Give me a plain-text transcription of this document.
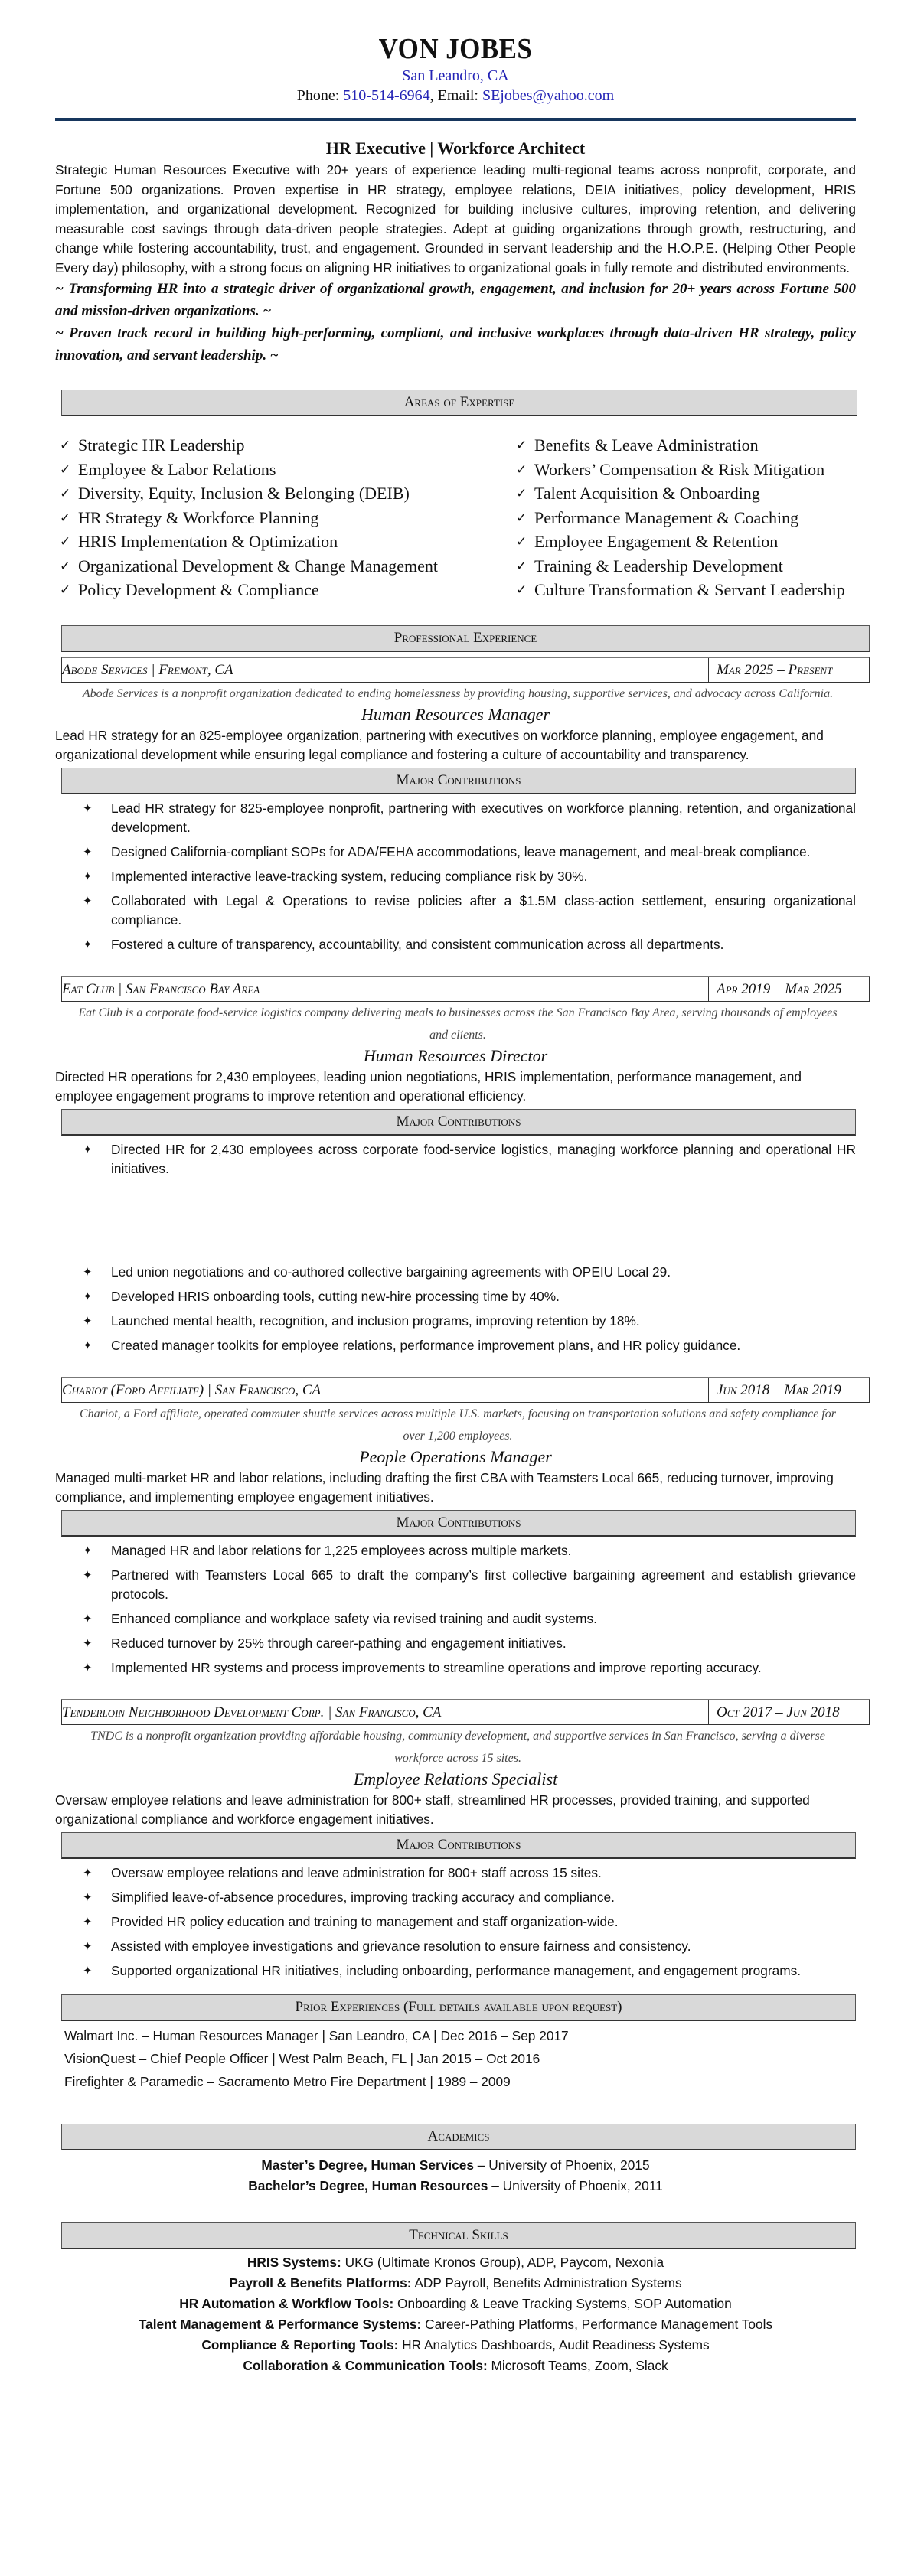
VON JOBES
San Leandro, CA
Phone: 510-514-6964, Email: SEjobes@yahoo.com
HR Executive | Workforce Architect
Strategic Human Resources Executive with 20+ years of experience leading multi-regional teams across nonprofit, corporate, and Fortune 500 organizations. Proven expertise in HR strategy, employee relations, DEIA initiatives, policy development, HRIS implementation, and organizational development. Recognized for building inclusive cultures, improving retention, and delivering measurable cost savings through data-driven people strategies. Adept at guiding organizations through growth, restructuring, and change while fostering accountability, trust, and engagement. Grounded in servant leadership and the H.O.P.E. (Helping Other People Every day) philosophy, with a strong focus on aligning HR initiatives to organizational goals in fully remote and distributed environments.
~ Transforming HR into a strategic driver of organizational growth, engagement, and inclusion for 20+ years across Fortune 500 and mission-driven organizations. ~
~ Proven track record in building high-performing, compliant, and inclusive workplaces through data-driven HR strategy, policy innovation, and servant leadership. ~
Areas of Expertise
✓ Strategic HR Leadership	✓ Benefits & Leave Administration
✓ Employee & Labor Relations	✓ Workers’ Compensation & Risk Mitigation
✓ Diversity, Equity, Inclusion & Belonging (DEIB)	✓ Talent Acquisition & Onboarding
✓ HR Strategy & Workforce Planning	✓ Performance Management & Coaching
✓ HRIS Implementation & Optimization	✓ Employee Engagement & Retention
✓ Organizational Development & Change Management	✓ Training & Leadership Development
✓ Policy Development & Compliance	✓ Culture Transformation & Servant Leadership
Professional Experience
Abode Services | Fremont, CA	Mar 2025 – Present
Abode Services is a nonprofit organization dedicated to ending homelessness by providing housing, supportive services, and advocacy across California.
Human Resources Manager
Lead HR strategy for an 825-employee organization, partnering with executives on workforce planning, employee engagement, and organizational development while ensuring legal compliance and fostering a culture of accountability and transparency.
Major Contributions
✦ Lead HR strategy for 825-employee nonprofit, partnering with executives on workforce planning, retention, and organizational development.
✦ Designed California-compliant SOPs for ADA/FEHA accommodations, leave management, and meal-break compliance.
✦ Implemented interactive leave-tracking system, reducing compliance risk by 30%.
✦ Collaborated with Legal & Operations to revise policies after a $1.5M class-action settlement, ensuring organizational compliance.
✦ Fostered a culture of transparency, accountability, and consistent communication across all departments.
Eat Club | San Francisco Bay Area	Apr 2019 – Mar 2025
Eat Club is a corporate food-service logistics company delivering meals to businesses across the San Francisco Bay Area, serving thousands of employees and clients.
Human Resources Director
Directed HR operations for 2,430 employees, leading union negotiations, HRIS implementation, performance management, and employee engagement programs to improve retention and operational efficiency.
Major Contributions
✦ Directed HR for 2,430 employees across corporate food-service logistics, managing workforce planning and operational HR initiatives.
✦ Led union negotiations and co-authored collective bargaining agreements with OPEIU Local 29.
✦ Developed HRIS onboarding tools, cutting new-hire processing time by 40%.
✦ Launched mental health, recognition, and inclusion programs, improving retention by 18%.
✦ Created manager toolkits for employee relations, performance improvement plans, and HR policy guidance.
Chariot (Ford Affiliate) | San Francisco, CA	Jun 2018 – Mar 2019
Chariot, a Ford affiliate, operated commuter shuttle services across multiple U.S. markets, focusing on transportation solutions and safety compliance for over 1,200 employees.
People Operations Manager
Managed multi-market HR and labor relations, including drafting the first CBA with Teamsters Local 665, reducing turnover, improving compliance, and implementing employee engagement initiatives.
Major Contributions
✦ Managed HR and labor relations for 1,225 employees across multiple markets.
✦ Partnered with Teamsters Local 665 to draft the company’s first collective bargaining agreement and establish grievance protocols.
✦ Enhanced compliance and workplace safety via revised training and audit systems.
✦ Reduced turnover by 25% through career-pathing and engagement initiatives.
✦ Implemented HR systems and process improvements to streamline operations and improve reporting accuracy.
Tenderloin Neighborhood Development Corp. | San Francisco, CA	Oct 2017 – Jun 2018
TNDC is a nonprofit organization providing affordable housing, community development, and supportive services in San Francisco, serving a diverse workforce across 15 sites.
Employee Relations Specialist
Oversaw employee relations and leave administration for 800+ staff, streamlined HR processes, provided training, and supported organizational compliance and workforce engagement initiatives.
Major Contributions
✦ Oversaw employee relations and leave administration for 800+ staff across 15 sites.
✦ Simplified leave-of-absence procedures, improving tracking accuracy and compliance.
✦ Provided HR policy education and training to management and staff organization-wide.
✦ Assisted with employee investigations and grievance resolution to ensure fairness and consistency.
✦ Supported organizational HR initiatives, including onboarding, performance management, and engagement programs.
Prior Experiences (Full details available upon request)
Walmart Inc. – Human Resources Manager | San Leandro, CA | Dec 2016 – Sep 2017
VisionQuest – Chief People Officer | West Palm Beach, FL | Jan 2015 – Oct 2016
Firefighter & Paramedic – Sacramento Metro Fire Department | 1989 – 2009
Academics
Master’s Degree, Human Services – University of Phoenix, 2015
Bachelor’s Degree, Human Resources – University of Phoenix, 2011
Technical Skills
HRIS Systems: UKG (Ultimate Kronos Group), ADP, Paycom, Nexonia
Payroll & Benefits Platforms: ADP Payroll, Benefits Administration Systems
HR Automation & Workflow Tools: Onboarding & Leave Tracking Systems, SOP Automation
Talent Management & Performance Systems: Career-Pathing Platforms, Performance Management Tools
Compliance & Reporting Tools: HR Analytics Dashboards, Audit Readiness Systems
Collaboration & Communication Tools: Microsoft Teams, Zoom, Slack
